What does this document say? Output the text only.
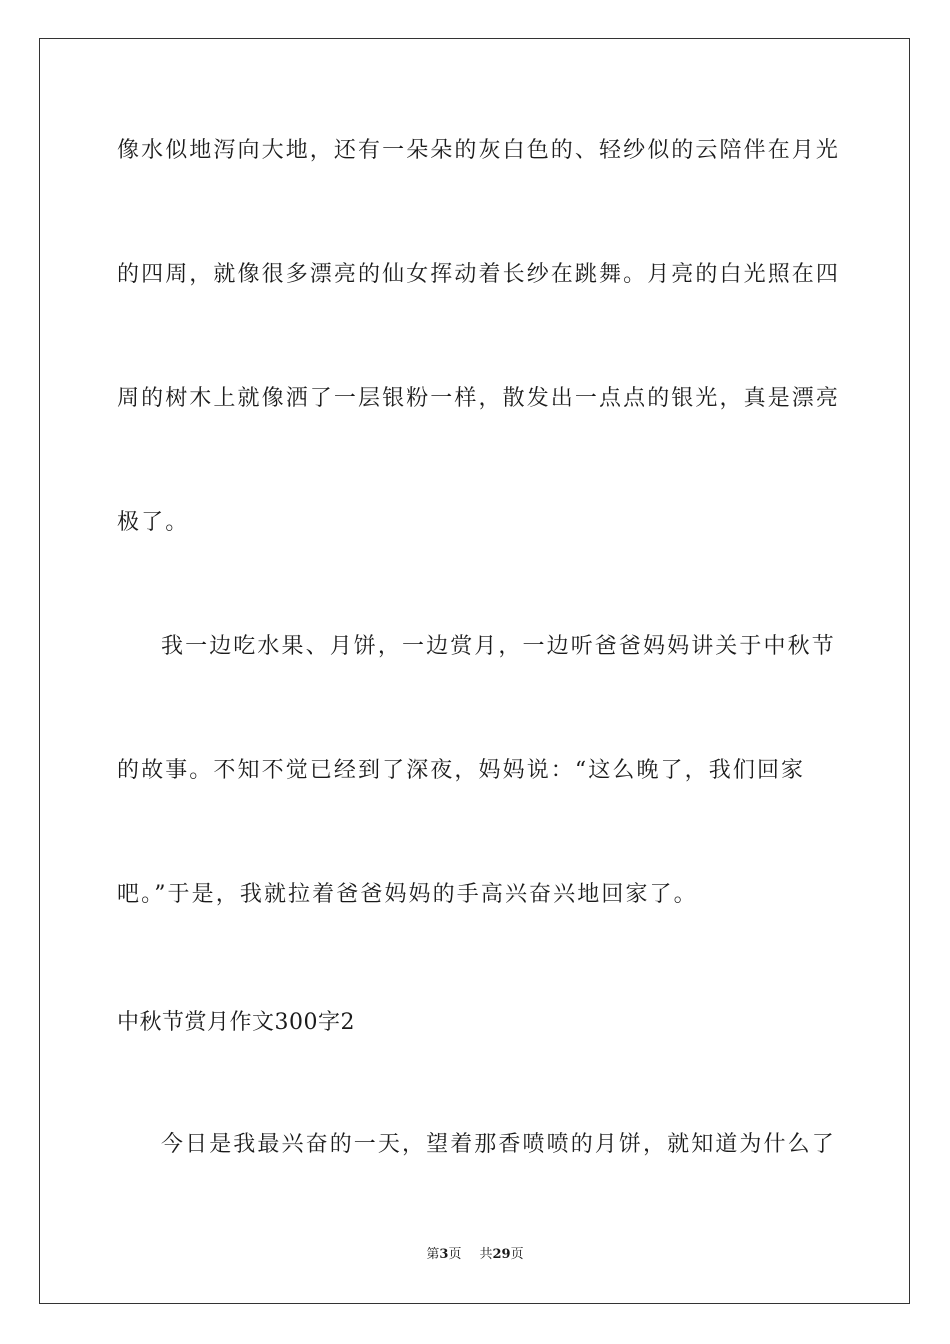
像水似地泻向大地，还有一朵朵的灰白色的、轻纱似的云陪伴在月光
的四周，就像很多漂亮的仙女挥动着长纱在跳舞。月亮的白光照在四
周的树木上就像洒了一层银粉一样，散发出一点点的银光，真是漂亮
极了。
我一边吃水果、月饼，一边赏月，一边听爸爸妈妈讲关于中秋节
的故事。不知不觉已经到了深夜，妈妈说：“这么晚了，我们回家
吧。”于是，我就拉着爸爸妈妈的手高兴奋兴地回家了。
中秋节赏月作文300字2
今日是我最兴奋的一天，望着那香喷喷的月饼，就知道为什么了
第3页 共29页
